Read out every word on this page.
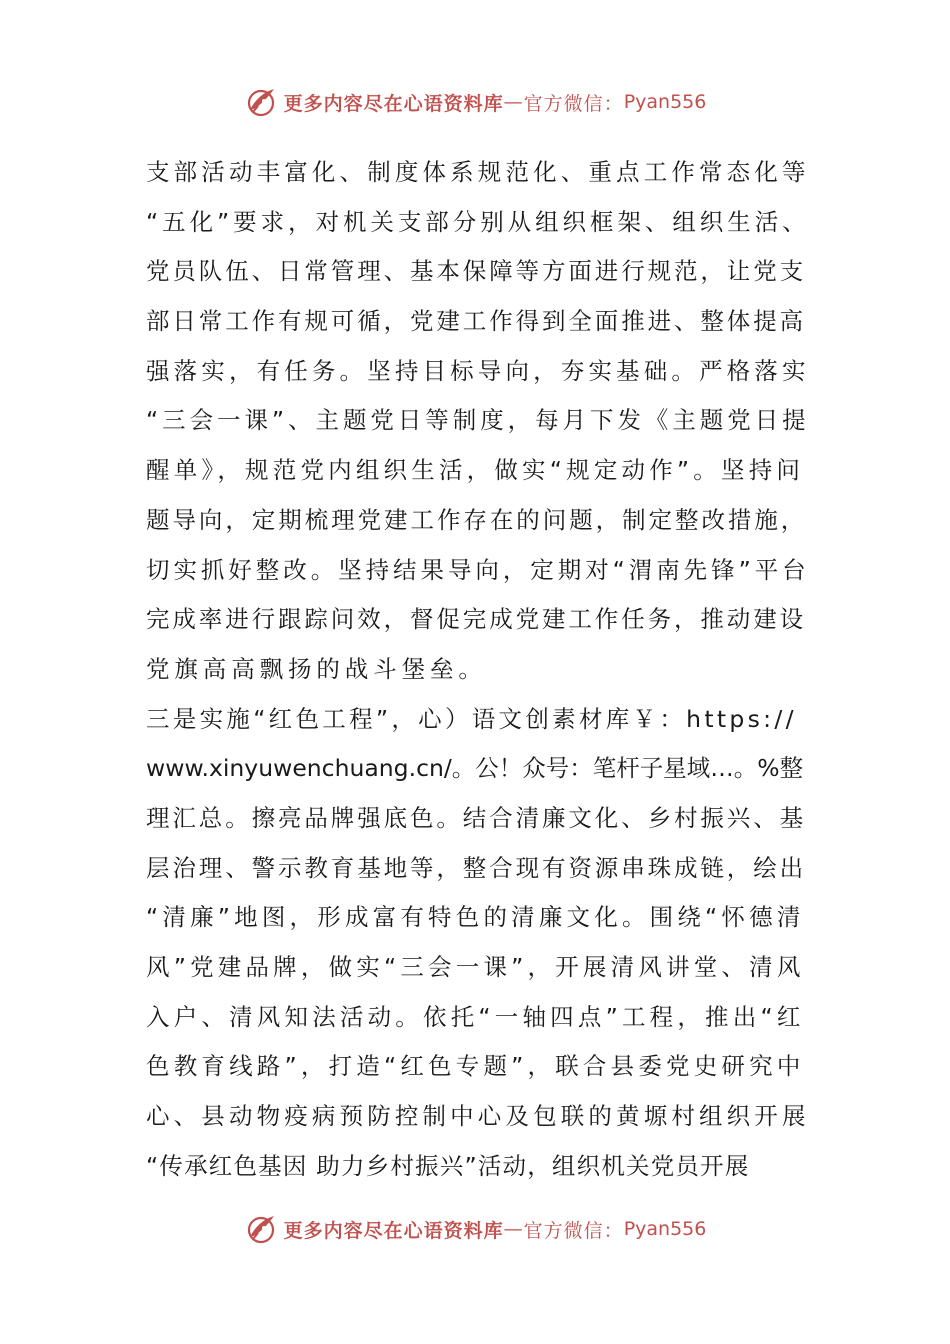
更多内容尽在心语资料库 — 官方微信： Pyan556
支部活动丰富化、制度体系规范化、重点工作常态化等
“五化”要求，对机关支部分别从组织框架、组织生活、
党员队伍、日常管理、基本保障等方面进行规范，让党支
部日常工作有规可循，党建工作得到全面推进、整体提高
强落实，有任务。坚持目标导向，夯实基础。严格落实
“三会一课”、主题党日等制度，每月下发《主题党日提
醒单》，规范党内组织生活，做实“规定动作”。坚持问
题导向，定期梳理党建工作存在的问题，制定整改措施，
切实抓好整改。坚持结果导向，定期对“渭南先锋”平台
完成率进行跟踪问效，督促完成党建工作任务，推动建设
党旗高高飘扬的战斗堡垒。
三是实施“红色工程”，心）语文创素材库￥：https://
www.xinyuwenchuang.cn/。公！众号：笔杆子星域…。%整
理汇总。擦亮品牌强底色。结合清廉文化、乡村振兴、基
层治理、警示教育基地等，整合现有资源串珠成链，绘出
“清廉”地图，形成富有特色的清廉文化。围绕“怀德清
风”党建品牌，做实“三会一课”，开展清风讲堂、清风
入户、清风知法活动。依托“一轴四点”工程，推出“红
色教育线路”，打造“红色专题”，联合县委党史研究中
心、县动物疫病预防控制中心及包联的黄塬村组织开展
“传承红色基因 助力乡村振兴”活动，组织机关党员开展
更多内容尽在心语资料库 — 官方微信： Pyan556
